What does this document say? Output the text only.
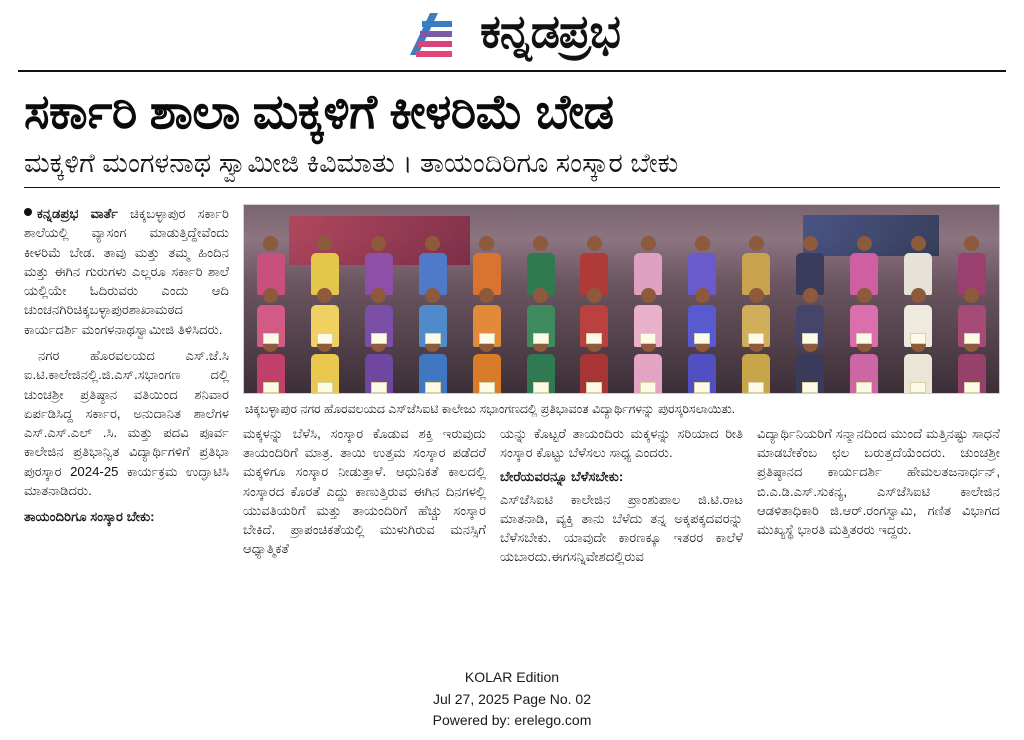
ಕನ್ನಡಪ್ರಭ
ಸರ್ಕಾರಿ ಶಾಲಾ ಮಕ್ಕಳಿಗೆ ಕೀಳರಿಮೆ ಬೇಡ
ಮಕ್ಕಳಿಗೆ ಮಂಗಳನಾಥ ಸ್ವಾಮೀಜಿ ಕಿವಿಮಾತು । ತಾಯಂದಿರಿಗೂ ಸಂಸ್ಕಾರ ಬೇಕು

ಕನ್ನಡಪ್ರಭ ವಾರ್ತೆ ಚಿಕ್ಕಬಳ್ಳಾಪುರ ಸರ್ಕಾರಿ ಶಾಲೆಯಲ್ಲಿ ವ್ಯಾಸಂಗ ಮಾಡುತ್ತಿದ್ದೇವೆಂದು ಕೀಳರಿಮೆ ಬೇಡ. ತಾವು ಮತ್ತು ತಮ್ಮ ಹಿಂದಿನ ಮತ್ತು ಈಗಿನ ಗುರುಗಳು ಎಲ್ಲರೂ ಸರ್ಕಾರಿ ಶಾಲೆ ಯಲ್ಲಿಯೇ ಓದಿರುವರು ಎಂದು ಆದಿ ಚುಂಚನಗಿರಿಚಿಕ್ಕಬಳ್ಳಾಪುರಶಾಖಾಮಠದ ಕಾರ್ಯದರ್ಶಿ ಮಂಗಳನಾಥಸ್ವಾಮೀಜಿ ತಿಳಿಸಿದರು.

ನಗರ ಹೊರವಲಯದ ಎಸ್.ಜೆ.ಸಿ ಐ.ಟಿ.ಕಾಲೇಜಿನಲ್ಲಿ.ಜಿ.ಎಸ್.ಸಭಾಂಗಣ ದಲ್ಲಿ ಚುಂಚಶ್ರೀ ಪ್ರತಿಷ್ಠಾನ ವತಿಯಿಂದ ಶನಿವಾರ ಏರ್ಪಡಿಸಿದ್ದ ಸರ್ಕಾರ, ಅನುದಾನಿತ ಶಾಲೆಗಳ ಎಸ್.ಎಸ್.ಎಲ್ .ಸಿ. ಮತ್ತು ಪದವಿ ಪೂರ್ವ ಕಾಲೇಜಿನ ಪ್ರತಿಭಾನ್ವಿತ ವಿದ್ಯಾರ್ಥಿಗಳಿಗೆ ಪ್ರತಿಭಾ ಪುರಸ್ಕಾರ 2024-25 ಕಾರ್ಯಕ್ರಮ ಉದ್ಘಾಟಿಸಿ ಮಾತನಾಡಿದರು.

ತಾಯಂದಿರಿಗೂ ಸಂಸ್ಕಾರ ಬೇಕು:

ಚಿಕ್ಕಬಳ್ಳಾಪುರ ನಗರ ಹೊರವಲಯದ ಎಸ್‌ಜೆಸಿಐಟಿ ಕಾಲೇಜು ಸಭಾಂಗಣದಲ್ಲಿ ಪ್ರತಿಭಾವಂತ ವಿದ್ಯಾರ್ಥಿಗಳನ್ನು ಪುರಸ್ಕರಿಸಲಾಯಿತು.

ಮಕ್ಕಳನ್ನು ಬೆಳೆಸಿ, ಸಂಸ್ಕಾರ ಕೊಡುವ ಶಕ್ತಿ ಇರುವುದು ತಾಯಂದಿರಿಗೆ ಮಾತ್ರ. ತಾಯಿ ಉತ್ತಮ ಸಂಸ್ಕಾರ ಪಡೆದರೆ ಮಕ್ಕಳಿಗೂ ಸಂಸ್ಕಾರ ನೀಡುತ್ತಾಳೆ. ಆಧುನಿಕತೆ ಕಾಲದಲ್ಲಿ ಸಂಸ್ಕಾರದ ಕೊರತೆ ಎದ್ದು ಕಾಣುತ್ತಿರುವ ಈಗಿನ ದಿನಗಳಲ್ಲಿ ಯುವತಿಯರಿಗೆ ಮತ್ತು ತಾಯಂದಿರಿಗೆ ಹೆಚ್ಚು ಸಂಸ್ಕಾರ ಬೇಕಿದೆ. ಪ್ರಾಪಂಚಿಕತೆಯಲ್ಲಿ ಮುಳುಗಿರುವ ಮನಸ್ಸಿಗೆ ಆಧ್ಯಾತ್ಮಿಕತೆ

ಯನ್ನು ಕೊಟ್ಟರೆ ತಾಯಂದಿರು ಮಕ್ಕಳನ್ನು ಸರಿಯಾದ ರೀತಿ ಸಂಸ್ಕಾರ ಕೊಟ್ಟು ಬೆಳೆಸಲು ಸಾಧ್ಯ ಎಂದರು.

ಬೇರೆಯವರನ್ನೂ ಬೆಳೆಸಬೇಕು:

ಎಸ್‌ಜೆಸಿಐಟಿ ಕಾಲೇಜಿನ ಪ್ರಾಂಶುಪಾಲ ಜಿ.ಟಿ.ರಾಟ ಮಾತನಾಡಿ, ವ್ಯಕ್ತಿ ತಾನು ಬೆಳೆದು ತನ್ನ ಅಕ್ಕಪಕ್ಕದವರನ್ನು ಬೆಳೆಸಬೇಕು. ಯಾವುದೇ ಕಾರಣಕ್ಕೂ ಇತರರ ಕಾಲೆಳೆ ಯಬಾರದು.ಈಗಸನ್ನಿವೇಶದಲ್ಲಿರುವ

ವಿದ್ಯಾರ್ಥಿನಿಯರಿಗೆ ಸನ್ಮಾನದಿಂದ ಮುಂದೆ ಮತ್ತಿನಷ್ಟು ಸಾಧನೆ ಮಾಡಬೇಕೆಂಬ ಛಲ ಬರುತ್ತದೆಯೆಂದರು. ಚುಂಚಶ್ರೀ ಪ್ರತಿಷ್ಠಾನದ ಕಾರ್ಯದರ್ಶಿ ಹೇಮಲತಜನಾರ್ಧನ್, ಬಿ.ಎ.ಡಿ.ಎಸ್.ಸುಕನ್ಯ, ಎಸ್‌ಜೆಸಿಐಟಿ ಕಾಲೇಜಿನ ಆಡಳಿತಾಧಿಕಾರಿ ಜಿ.ಆರ್.ರಂಗಸ್ವಾಮಿ, ಗಣಿತ ವಿಭಾಗದ ಮುಖ್ಯಸ್ಥೆ ಭಾರತಿ ಮತ್ತಿತರರು ಇದ್ದರು.

KOLAR Edition
Jul 27, 2025 Page No. 02
Powered by: erelego.com
